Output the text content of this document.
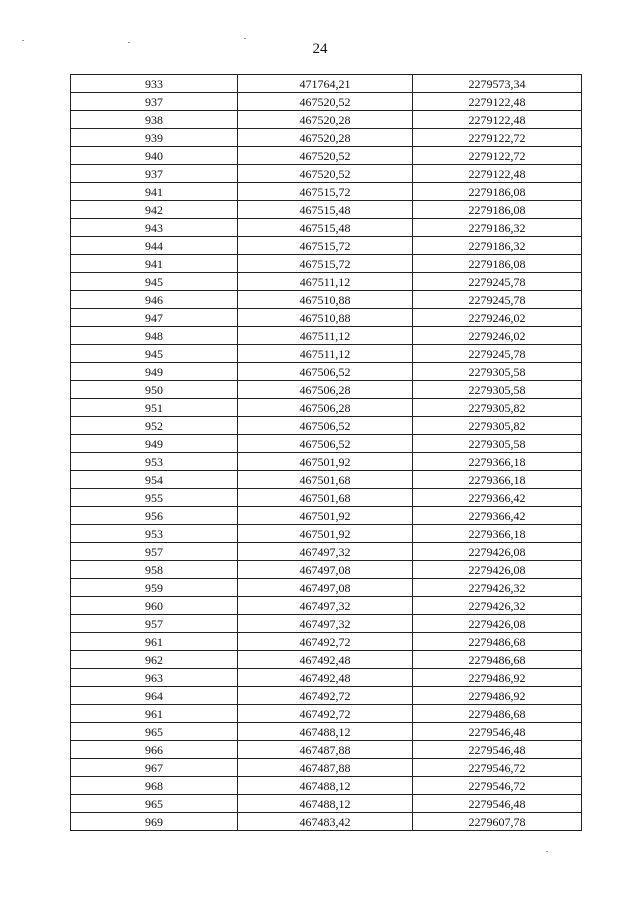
24
933	471764,21	2279573,34
937	467520,52	2279122,48
938	467520,28	2279122,48
939	467520,28	2279122,72
940	467520,52	2279122,72
937	467520,52	2279122,48
941	467515,72	2279186,08
942	467515,48	2279186,08
943	467515,48	2279186,32
944	467515,72	2279186,32
941	467515,72	2279186,08
945	467511,12	2279245,78
946	467510,88	2279245,78
947	467510,88	2279246,02
948	467511,12	2279246,02
945	467511,12	2279245,78
949	467506,52	2279305,58
950	467506,28	2279305,58
951	467506,28	2279305,82
952	467506,52	2279305,82
949	467506,52	2279305,58
953	467501,92	2279366,18
954	467501,68	2279366,18
955	467501,68	2279366,42
956	467501,92	2279366,42
953	467501,92	2279366,18
957	467497,32	2279426,08
958	467497,08	2279426,08
959	467497,08	2279426,32
960	467497,32	2279426,32
957	467497,32	2279426,08
961	467492,72	2279486,68
962	467492,48	2279486,68
963	467492,48	2279486,92
964	467492,72	2279486,92
961	467492,72	2279486,68
965	467488,12	2279546,48
966	467487,88	2279546,48
967	467487,88	2279546,72
968	467488,12	2279546,72
965	467488,12	2279546,48
969	467483,42	2279607,78
